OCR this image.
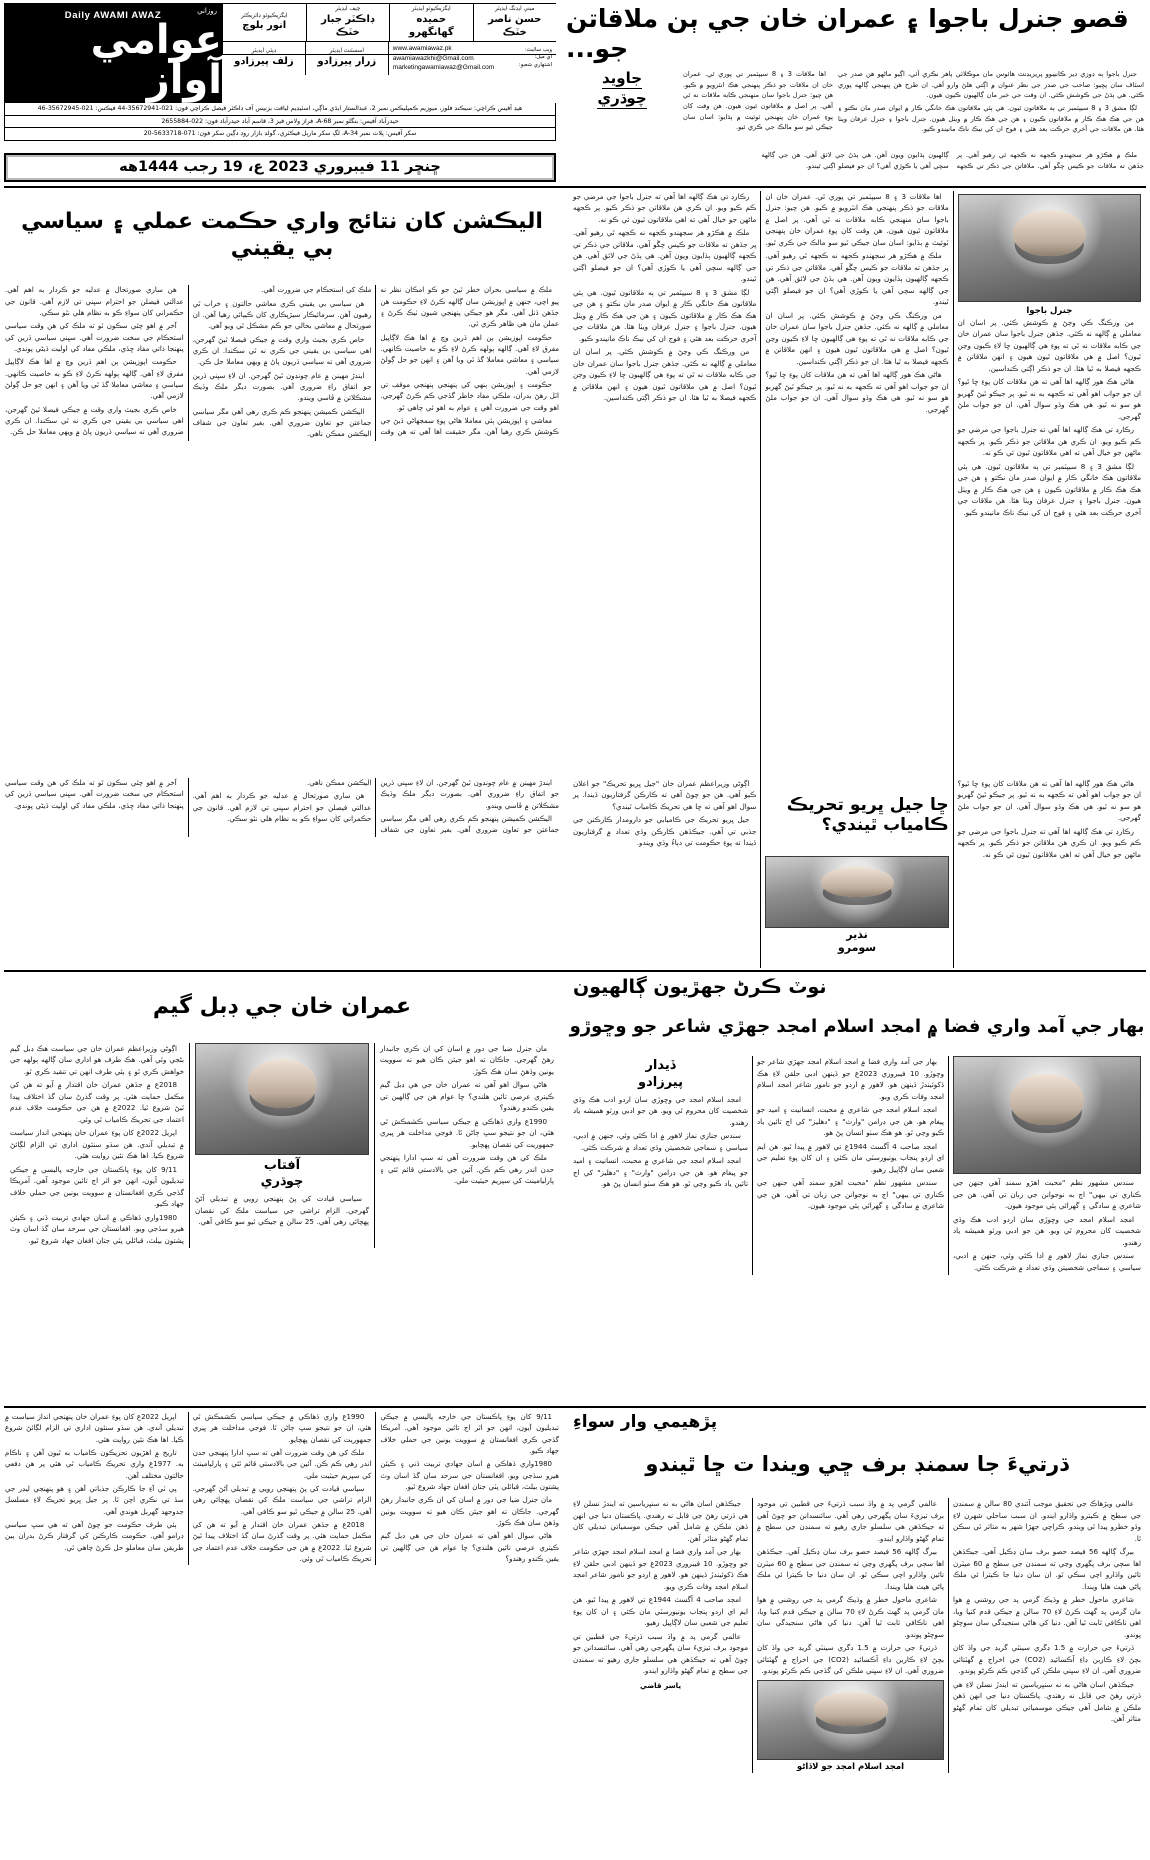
قصو جنرل باجوا ۽ عمران خان جي ٻن ملاقاتن جو...

جنرل باجوا ٻه ڊوزي ڊير ڪانيبوو پريزيڊنٽ هائوس مان موڪلائي ٻاهر نڪري آئي، اڳيو ماڻهو هن صدر جي اسٽاف سان پڇيو: صاحب جي صدر جي نظر عنوان ۾ اڳتي هلڻ وارو آهي. ان طرح هن پنهنجي ڳالهه پوري ڪئي. هي ٻڌڻ جي ڪوشش ڪئي. ان وقت جي خبر مان ڳالهيون ڪيون هيون.

لڳا مشق 3 ۽ 8 سيپٽمبر تي ٻه ملاقاتون ٿيون. هي ٻئي ملاقاتون هڪ خانگي ڪار ۾ ايوان صدر مان نڪتو ۽ هن جي هڪ هڪ ڪار ۾ ملاقاتون ڪيون ۽ هن جي هڪ ڪار ۾ ويٺل هيون. جنرل باجوا ۽ جنرل عرفان ويٺا هئا. هن ملاقات جي آخري حرڪت بعد هئي ۽ فوج ان کي نيڪ ناڪ مانيندو ڪيو.

اها ملاقات 3 ۽ 8 سيپٽمبر تي پوري ٿي. عمران خان ان ملاقات جو ذڪر پنهنجي هڪ انٽرويو ۾ ڪيو. هن چيو: جنرل باجوا سان منهنجي ڪابه ملاقات نه ٿي آهي. پر اصل ۾ ملاقاتون ٿيون هيون. هن وقت کان پوءِ عمران خان پنهنجي ٽوئيٽ ۾ ٻڌايو: اسان سان جيڪي ٿيو سو مالڪ جي ڪري ٿيو.

جاويد
چوڌري
ميني ايڊنگ ايڊيٽر
حسن ناصر خٽڪ
ايگزيڪيوٽو ايڊيٽر
حميده گهانگهرو
چيف ايڊيٽر
ڊاڪٽر جبار خٽڪ
ايگزيڪيوٽو ڊائريڪٽر
انور بلوچ
ويب سائيٽ:
اي ميل:
اشتهاري شعبو:
www.awamiawaz.pk
awamiawazkhi@Gmail.com
marketingawamiawaz@Gmail.com
اسسٽنٽ ايڊيٽر
زرار پيرزادو
ڊپٽي ايڊيٽر
زلف پيرزادو
Daily AWAMI AWAZ	روزاني
عوامي آواز
هيڊ آفيس ڪراچي: سيڪنڊ فلور، ميوزيم ڪمپليڪس نمبر 2، عبدالستار ايڌي ماڳي، اسٽيڊيم لياقت بزنيس آف ڊاڪٽر فيصل ڪراچي فون: 021-35672941-44 فيڪس: 021-35672945-46
حيدرآباد آفيس: بنگلو نمبر A-68، فراز ولاس فيز 3، قاسم آباد حيدرآباد فون: 022-2655884
سکر آفيس: پلاٽ نمبر A-34، لڳ سکر مارٻل فيڪٽري، گولڊ بازار روڊ دڳين سکر فون: 071-5633718-20

ملڪ ۾ هڪڙو هر سجهندو ڪجهه نه ڪجهه ٿي رهيو آهي. پر جڏهن ته ملاقات جو ڪيس چڱو آهي. ملاقاتن جي ذڪر تي ڪجهه ڳالهيون ٻڌايون ويون آهن. هي ٻڌڻ جي لائق آهي. هن جي ڳالهه سچي آهي يا ڪوڙي آهي؟ ان جو فيصلو اڳتي ٿيندو.

ڇنڇر 11 فيبروري 2023 ع، 19 رجب 1444هه
جنرل باجوا

من ورڪنگ ڪي وڃڻ ۾ ڪوشش ڪئي. پر اسان ان معاملي ۾ ڳالهه نه ڪئي. جڏهن جنرل باجوا سان عمران خان جي ڪابه ملاقات نه ٿي ته پوءِ هي ڳالهيون ڇا لاءِ ڪيون وڃن ٿيون؟ اصل ۾ هي ملاقاتون ٿيون هيون ۽ انهن ملاقاتن ۾ ڪجهه فيصلا به ٿيا هئا. ان جو ذڪر اڳتي ڪنداسين.

هاڻي هڪ هور ڳالهه اها آهي ته هن ملاقات کان پوءِ ڇا ٿيو؟ ان جو جواب اهو آهي ته ڪجهه به نه ٿيو. پر جيڪو ٿيڻ گهربو هو سو نه ٿيو. هي هڪ وڏو سوال آهي. ان جو جواب ملڻ گهرجي.

رڪارڊ تي هڪ ڳالهه اها آهي ته جنرل باجوا جي مرضي جو ڪم ڪيو ويو. ان ڪري هن ملاقاتن جو ذڪر ڪيو. پر ڪجهه ماڻهن جو خيال آهي ته اهي ملاقاتون ٿيون ئي ڪو نه.

لڳا مشق 3 ۽ 8 سيپٽمبر تي ٻه ملاقاتون ٿيون. هي ٻئي ملاقاتون هڪ خانگي ڪار ۾ ايوان صدر مان نڪتو ۽ هن جي هڪ هڪ ڪار ۾ ملاقاتون ڪيون ۽ هن جي هڪ ڪار ۾ ويٺل هيون. جنرل باجوا ۽ جنرل عرفان ويٺا هئا. هن ملاقات جي آخري حرڪت بعد هئي ۽ فوج ان کي نيڪ ناڪ مانيندو ڪيو.

اها ملاقات 3 ۽ 8 سيپٽمبر تي پوري ٿي. عمران خان ان ملاقات جو ذڪر پنهنجي هڪ انٽرويو ۾ ڪيو. هن چيو: جنرل باجوا سان منهنجي ڪابه ملاقات نه ٿي آهي. پر اصل ۾ ملاقاتون ٿيون هيون. هن وقت کان پوءِ عمران خان پنهنجي ٽوئيٽ ۾ ٻڌايو: اسان سان جيڪي ٿيو سو مالڪ جي ڪري ٿيو.

ملڪ ۾ هڪڙو هر سجهندو ڪجهه نه ڪجهه ٿي رهيو آهي. پر جڏهن ته ملاقات جو ڪيس چڱو آهي. ملاقاتن جي ذڪر تي ڪجهه ڳالهيون ٻڌايون ويون آهن. هي ٻڌڻ جي لائق آهي. هن جي ڳالهه سچي آهي يا ڪوڙي آهي؟ ان جو فيصلو اڳتي ٿيندو.

من ورڪنگ ڪي وڃڻ ۾ ڪوشش ڪئي. پر اسان ان معاملي ۾ ڳالهه نه ڪئي. جڏهن جنرل باجوا سان عمران خان جي ڪابه ملاقات نه ٿي ته پوءِ هي ڳالهيون ڇا لاءِ ڪيون وڃن ٿيون؟ اصل ۾ هي ملاقاتون ٿيون هيون ۽ انهن ملاقاتن ۾ ڪجهه فيصلا به ٿيا هئا. ان جو ذڪر اڳتي ڪنداسين.

هاڻي هڪ هور ڳالهه اها آهي ته هن ملاقات کان پوءِ ڇا ٿيو؟ ان جو جواب اهو آهي ته ڪجهه به نه ٿيو. پر جيڪو ٿيڻ گهربو هو سو نه ٿيو. هي هڪ وڏو سوال آهي. ان جو جواب ملڻ گهرجي.

رڪارڊ تي هڪ ڳالهه اها آهي ته جنرل باجوا جي مرضي جو ڪم ڪيو ويو. ان ڪري هن ملاقاتن جو ذڪر ڪيو. پر ڪجهه ماڻهن جو خيال آهي ته اهي ملاقاتون ٿيون ئي ڪو نه.

ملڪ ۾ هڪڙو هر سجهندو ڪجهه نه ڪجهه ٿي رهيو آهي. پر جڏهن ته ملاقات جو ڪيس چڱو آهي. ملاقاتن جي ذڪر تي ڪجهه ڳالهيون ٻڌايون ويون آهن. هي ٻڌڻ جي لائق آهي. هن جي ڳالهه سچي آهي يا ڪوڙي آهي؟ ان جو فيصلو اڳتي ٿيندو.

لڳا مشق 3 ۽ 8 سيپٽمبر تي ٻه ملاقاتون ٿيون. هي ٻئي ملاقاتون هڪ خانگي ڪار ۾ ايوان صدر مان نڪتو ۽ هن جي هڪ هڪ ڪار ۾ ملاقاتون ڪيون ۽ هن جي هڪ ڪار ۾ ويٺل هيون. جنرل باجوا ۽ جنرل عرفان ويٺا هئا. هن ملاقات جي آخري حرڪت بعد هئي ۽ فوج ان کي نيڪ ناڪ مانيندو ڪيو.

من ورڪنگ ڪي وڃڻ ۾ ڪوشش ڪئي. پر اسان ان معاملي ۾ ڳالهه نه ڪئي. جڏهن جنرل باجوا سان عمران خان جي ڪابه ملاقات نه ٿي ته پوءِ هي ڳالهيون ڇا لاءِ ڪيون وڃن ٿيون؟ اصل ۾ هي ملاقاتون ٿيون هيون ۽ انهن ملاقاتن ۾ ڪجهه فيصلا به ٿيا هئا. ان جو ذڪر اڳتي ڪنداسين.

اليڪشن کان نتائج واري حڪمت عملي ۽ سياسي بي يقيني

ملڪ ۾ سياسي بحران خطر ٿيڻ جو ڪو امڪان نظر نه پيو اچي، جنهن ۾ اپوزيشن سان ڳالهه ڪرڻ لاءِ حڪومت هن جڏهن ڏنل آهي. مگر هو جيڪي پنهنجي شيون ٺيڪ ڪرڻ ۽ عملن مان هي ظاهر ڪري ٿي.

حڪومت اپوزيشن ٻن اهم ڌرين وچ ۾ اها هڪ لاڳاپيل مفرق لاءِ آهي. ڳالهه ٻولهه ڪرڻ لاءِ ڪو به خاصيت ڪانهي. سياسي ۽ معاشي معاملا گڏ ٿي ويا آهن ۽ انهن جو حل ڳولڻ لازمي آهي.

حڪومت ۽ اپوزيشن ٻنهي کي پنهنجي پنهنجي موقف تي اٽل رهڻ بدران، ملڪي مفاد خاطر گڏجي ڪم ڪرڻ گهرجي. اهو وقت جي ضرورت آهي ۽ عوام به اهو ئي چاهي ٿو.

معاشي ۽ اپوزيشن ٻئي معاملا هاڻي پوءِ سمجهاڻي ڏيڻ جي ڪوشش ڪري رهيا آهن. مگر حقيقت اها آهي ته هن وقت ملڪ کي استحڪام جي ضرورت آهي.

هن سياسي بي يقيني ڪري معاشي حالتون ۽ خراب ٿي رهيون آهن. سرمائيڪار سيڙپڪاري کان ڪيٻائي رهيا آهن. ان صورتحال ۾ معاشي بحالي جو ڪم مشڪل ٿي ويو آهي.

خاص ڪري بجيٽ واري وقت ۾ جيڪي فيصلا ٿيڻ گهرجن، اهي سياسي بي يقيني جي ڪري نه ٿي سڪندا. ان ڪري ضروري آهي ته سياسي ڌريون پاڻ ۾ ويهي معاملا حل ڪن.

ايندڙ مهينن ۾ عام چونڊون ٿيڻ گهرجن. ان لاءِ سڀني ڌرين جو اتفاق راءِ ضروري آهي. بصورت ديگر ملڪ وڌيڪ مشڪلاتن ۾ ڦاسي ويندو.

اليڪشن ڪميشن پنهنجو ڪم ڪري رهي آهي مگر سياسي جماعتن جو تعاون ضروري آهي. بغير تعاون جي شفاف اليڪشن ممڪن ناهي.

هن ساري صورتحال ۾ عدليه جو ڪردار به اهم آهي. عدالتي فيصلن جو احترام سڀني تي لازم آهي. قانون جي حڪمراني کان سواءِ ڪو به نظام هلي نٿو سڪي.

آخر ۾ اهو چئي سڪون ٿو ته ملڪ کي هن وقت سياسي استحڪام جي سخت ضرورت آهي. سڀني سياسي ڌرين کي پنهنجا ذاتي مفاد ڇڏي، ملڪي مفاد کي اوليت ڏيڻي پوندي.

حڪومت اپوزيشن ٻن اهم ڌرين وچ ۾ اها هڪ لاڳاپيل مفرق لاءِ آهي. ڳالهه ٻولهه ڪرڻ لاءِ ڪو به خاصيت ڪانهي. سياسي ۽ معاشي معاملا گڏ ٿي ويا آهن ۽ انهن جو حل ڳولڻ لازمي آهي.

خاص ڪري بجيٽ واري وقت ۾ جيڪي فيصلا ٿيڻ گهرجن، اهي سياسي بي يقيني جي ڪري نه ٿي سڪندا. ان ڪري ضروري آهي ته سياسي ڌريون پاڻ ۾ ويهي معاملا حل ڪن.

هاڻي هڪ هور ڳالهه اها آهي ته هن ملاقات کان پوءِ ڇا ٿيو؟ ان جو جواب اهو آهي ته ڪجهه به نه ٿيو. پر جيڪو ٿيڻ گهربو هو سو نه ٿيو. هي هڪ وڏو سوال آهي. ان جو جواب ملڻ گهرجي.

رڪارڊ تي هڪ ڳالهه اها آهي ته جنرل باجوا جي مرضي جو ڪم ڪيو ويو. ان ڪري هن ملاقاتن جو ذڪر ڪيو. پر ڪجهه ماڻهن جو خيال آهي ته اهي ملاقاتون ٿيون ئي ڪو نه.

ڇا جيل ڀريو تحريڪ ڪامياب ٿيندي؟
نذير
سومرو

اڳوڻي وزيراعظم عمران خان "جيل ڀريو تحريڪ" جو اعلان ڪيو آهي. هن جو چوڻ آهي ته ڪارڪن گرفتاريون ڏيندا. پر سوال اهو آهي ته ڇا هي تحريڪ ڪامياب ٿيندي؟

جيل ڀريو تحريڪ جي ڪاميابي جو دارومدار ڪارڪنن جي جذبي تي آهي. جيڪڏهن ڪارڪن وڏي تعداد ۾ گرفتاريون ڏيندا ته پوءِ حڪومت تي دٻاءُ وڌي ويندو.

ايندڙ مهينن ۾ عام چونڊون ٿيڻ گهرجن. ان لاءِ سڀني ڌرين جو اتفاق راءِ ضروري آهي. بصورت ديگر ملڪ وڌيڪ مشڪلاتن ۾ ڦاسي ويندو.

اليڪشن ڪميشن پنهنجو ڪم ڪري رهي آهي مگر سياسي جماعتن جو تعاون ضروري آهي. بغير تعاون جي شفاف اليڪشن ممڪن ناهي.

هن ساري صورتحال ۾ عدليه جو ڪردار به اهم آهي. عدالتي فيصلن جو احترام سڀني تي لازم آهي. قانون جي حڪمراني کان سواءِ ڪو به نظام هلي نٿو سڪي.

آخر ۾ اهو چئي سڪون ٿو ته ملڪ کي هن وقت سياسي استحڪام جي سخت ضرورت آهي. سڀني سياسي ڌرين کي پنهنجا ذاتي مفاد ڇڏي، ملڪي مفاد کي اوليت ڏيڻي پوندي.

نوٽ ڪرڻ جهڙيون ڳالهيون
بهار جي آمد واري فضا ۾ امجد اسلام امجد جهڙي شاعر جو وڇوڙو

سندس مشهور نظم "محبت اهڙو سمنڊ آهي جنهن جي ڪناري تي بيهي" اڄ به نوجوانن جي زبان تي آهي. هن جي شاعري ۾ سادگي ۽ گهرائي ٻئي موجود هيون.

امجد اسلام امجد جي وڇوڙي سان اردو ادب هڪ وڏي شخصيت کان محروم ٿي ويو. هن جو ادبي ورثو هميشه ياد رهندو.

سندس جنازي نماز لاهور ۾ ادا ڪئي وئي، جنهن ۾ ادبي، سياسي ۽ سماجي شخصيتن وڏي تعداد ۾ شرڪت ڪئي.

بهار جي آمد واري فضا ۾ امجد اسلام امجد جهڙي شاعر جو وڇوڙو. 10 فيبروري 2023ع جو ڏينهن ادبي حلقن لاءِ هڪ ڏکوئيندڙ ڏينهن هو. لاهور ۾ اردو جو نامور شاعر امجد اسلام امجد وفات ڪري ويو.

امجد اسلام امجد جي شاعري ۾ محبت، انسانيت ۽ اميد جو پيغام هو. هن جي ڊرامن "وارث" ۽ "دهليز" کي اڄ تائين ياد ڪيو وڃي ٿو. هو هڪ سٺو انسان پڻ هو.

امجد صاحب 4 آگسٽ 1944ع تي لاهور ۾ پيدا ٿيو. هن ايم اي اردو پنجاب يونيورسٽي مان ڪئي ۽ ان کان پوءِ تعليم جي شعبي سان لاڳاپيل رهيو.

سندس مشهور نظم "محبت اهڙو سمنڊ آهي جنهن جي ڪناري تي بيهي" اڄ به نوجوانن جي زبان تي آهي. هن جي شاعري ۾ سادگي ۽ گهرائي ٻئي موجود هيون.

ڏيدار
پيرزادو

امجد اسلام امجد جي وڇوڙي سان اردو ادب هڪ وڏي شخصيت کان محروم ٿي ويو. هن جو ادبي ورثو هميشه ياد رهندو.

سندس جنازي نماز لاهور ۾ ادا ڪئي وئي، جنهن ۾ ادبي، سياسي ۽ سماجي شخصيتن وڏي تعداد ۾ شرڪت ڪئي.

امجد اسلام امجد جي شاعري ۾ محبت، انسانيت ۽ اميد جو پيغام هو. هن جي ڊرامن "وارث" ۽ "دهليز" کي اڄ تائين ياد ڪيو وڃي ٿو. هو هڪ سٺو انسان پڻ هو.

عمران خان جي ڊبل گيم

مان جنرل ضيا جي دور ۾ اسان کي ان ڪري جانبدار رهڻ گهرجي. جاڪان ته اهو جيئن ڪان هيو ته سوويت يونين وڏهڻ سان هڪ ڪوڙ.

هاڻي سوال اهو آهي ته عمران خان جي هي ڊبل گيم ڪيتري عرصي تائين هلندي؟ ڇا عوام هن جي ڳالهين تي يقين ڪندو رهندو؟

1990ع واري ڏهاڪي ۾ جيڪي سياسي ڪشمڪش ٿي هئي، ان جو نتيجو سڀ ڄاڻن ٿا. فوجي مداخلت هر ڀيري جمهوريت کي نقصان پهچايو.

ملڪ کي هن وقت ضرورت آهي ته سڀ ادارا پنهنجي حدن اندر رهي ڪم ڪن. آئين جي بالادستي قائم ٿئي ۽ پارليامينٽ کي سپريم حيثيت ملي.

آفتاب
چوڌري

سياسي قيادت کي پڻ پنهنجي رويي ۾ تبديلي آڻڻ گهرجي. الزام تراشي جي سياست ملڪ کي نقصان پهچائي رهي آهي. 25 سالن ۾ جيڪي ٿيو سو ڪافي آهي.

اڳوڻي وزيراعظم عمران خان جي سياست هڪ ڊبل گيم بڻجي وئي آهي. هڪ طرف هو اداري سان ڳالهه ٻولهه جي خواهش ڪري ٿو ۽ ٻئي طرف انهن تي تنقيد ڪري ٿو.

2018ع ۾ جڏهن عمران خان اقتدار ۾ آيو ته هن کي مڪمل حمايت هئي. پر وقت گذرڻ سان گڏ اختلاف پيدا ٿيڻ شروع ٿيا. 2022ع ۾ هن جي حڪومت خلاف عدم اعتماد جي تحريڪ ڪامياب ٿي وئي.

اپريل 2022ع کان پوءِ عمران خان پنهنجي انداز سياست ۾ تبديلي آندي. هن سڌو سنئون اداري تي الزام لڳائڻ شروع ڪيا. اها هڪ نئين روايت هئي.

9/11 کان پوءِ پاڪستان جي خارجه پاليسي ۾ جيڪي تبديليون آيون، انهن جو اثر اڄ تائين موجود آهي. آمريڪا گڏجي ڪري افغانستان ۾ سوويت يونين جي حملي خلاف جهاد ڪيو.

1980واري ڏهاڪي ۾ اسان جهادي تربيت ڏني ۽ ڪيئن هيرو سڏجي ويو. افغانستان جي سرحد سان گڏ اسان وٽ پشتون بيلٽ، قبائلي پٽي جتان افغان جهاد شروع ٿيو.

پڙهيمي وار سواءِ
ڌرتيءَ جا سمنڊ برف ڇي ويندا ت ڇا ٿيندو

عالمي ويڙهاڪ جي تحقيق موجب آئندي 80 سالن ۾ سمنڊن جي سطح ۾ ڪيترو واڌارو ايندو. ان سبب ساحلي شهرن لاءِ وڏو خطرو پيدا ٿي ويندو. ڪراچي جهڙا شهر به متاثر ٿي سڪن ٿا.

بيرگ ڳالهه 56 فيصد حصو برف سان ڍڪيل آهي. جيڪڏهن اها سڄي برف پگهري وڃي ته سمنڊن جي سطح ۾ 60 ميٽرن تائين واڌارو اچي سڪي ٿو. ان سان دنيا جا ڪيترا ئي ملڪ پاڻي هيٺ هليا ويندا.

شاعري ماحول خطر ۾ وڌيڪ گرمي پد جي روشني ۾ هوا مان گرمي پد گهٽ ڪرڻ لاءِ 70 سالن ۾ جيڪي قدم کنيا ويا، اهي ناڪافي ثابت ٿيا آهن. دنيا کي هاڻي سنجيدگي سان سوچڻو پوندو.

ڌرتيءَ جي حرارت ۾ 1.5 ڊگري سينٽي گريڊ جي واڌ کان بچڻ لاءِ ڪاربن ڊاءِ آڪسائيڊ (CO2) جي اخراج ۾ گهٽتائي ضروري آهي. ان لاءِ سڀني ملڪن کي گڏجي ڪم ڪرڻو پوندو.

جيڪڏهن اسان هاڻي به نه سنڀرياسين ته ايندڙ نسلن لاءِ هي ڌرتي رهڻ جي قابل نه رهندي. پاڪستان دنيا جي انهن ڏهن ملڪن ۾ شامل آهي جيڪي موسمياتي تبديلي کان تمام گهڻو متاثر آهن.

عالمي گرمي پد ۾ واڌ سبب ڌرتيءَ جي قطبين تي موجود برف تيزيءَ سان پگهرجي رهي آهي. سائنسدانن جو چوڻ آهي ته جيڪڏهن هي سلسلو جاري رهيو ته سمنڊن جي سطح ۾ تمام گهڻو واڌارو ايندو.

بيرگ ڳالهه 56 فيصد حصو برف سان ڍڪيل آهي. جيڪڏهن اها سڄي برف پگهري وڃي ته سمنڊن جي سطح ۾ 60 ميٽرن تائين واڌارو اچي سڪي ٿو. ان سان دنيا جا ڪيترا ئي ملڪ پاڻي هيٺ هليا ويندا.

شاعري ماحول خطر ۾ وڌيڪ گرمي پد جي روشني ۾ هوا مان گرمي پد گهٽ ڪرڻ لاءِ 70 سالن ۾ جيڪي قدم کنيا ويا، اهي ناڪافي ثابت ٿيا آهن. دنيا کي هاڻي سنجيدگي سان سوچڻو پوندو.

ڌرتيءَ جي حرارت ۾ 1.5 ڊگري سينٽي گريڊ جي واڌ کان بچڻ لاءِ ڪاربن ڊاءِ آڪسائيڊ (CO2) جي اخراج ۾ گهٽتائي ضروري آهي. ان لاءِ سڀني ملڪن کي گڏجي ڪم ڪرڻو پوندو.

امجد اسلام امجد جو لاڏاڻو

جيڪڏهن اسان هاڻي به نه سنڀرياسين ته ايندڙ نسلن لاءِ هي ڌرتي رهڻ جي قابل نه رهندي. پاڪستان دنيا جي انهن ڏهن ملڪن ۾ شامل آهي جيڪي موسمياتي تبديلي کان تمام گهڻو متاثر آهن.

بهار جي آمد واري فضا ۾ امجد اسلام امجد جهڙي شاعر جو وڇوڙو. 10 فيبروري 2023ع جو ڏينهن ادبي حلقن لاءِ هڪ ڏکوئيندڙ ڏينهن هو. لاهور ۾ اردو جو نامور شاعر امجد اسلام امجد وفات ڪري ويو.

امجد صاحب 4 آگسٽ 1944ع تي لاهور ۾ پيدا ٿيو. هن ايم اي اردو پنجاب يونيورسٽي مان ڪئي ۽ ان کان پوءِ تعليم جي شعبي سان لاڳاپيل رهيو.

عالمي گرمي پد ۾ واڌ سبب ڌرتيءَ جي قطبين تي موجود برف تيزيءَ سان پگهرجي رهي آهي. سائنسدانن جو چوڻ آهي ته جيڪڏهن هي سلسلو جاري رهيو ته سمنڊن جي سطح ۾ تمام گهڻو واڌارو ايندو.

ياسر قاضي

9/11 کان پوءِ پاڪستان جي خارجه پاليسي ۾ جيڪي تبديليون آيون، انهن جو اثر اڄ تائين موجود آهي. آمريڪا گڏجي ڪري افغانستان ۾ سوويت يونين جي حملي خلاف جهاد ڪيو.

1980واري ڏهاڪي ۾ اسان جهادي تربيت ڏني ۽ ڪيئن هيرو سڏجي ويو. افغانستان جي سرحد سان گڏ اسان وٽ پشتون بيلٽ، قبائلي پٽي جتان افغان جهاد شروع ٿيو.

مان جنرل ضيا جي دور ۾ اسان کي ان ڪري جانبدار رهڻ گهرجي. جاڪان ته اهو جيئن ڪان هيو ته سوويت يونين وڏهڻ سان هڪ ڪوڙ.

هاڻي سوال اهو آهي ته عمران خان جي هي ڊبل گيم ڪيتري عرصي تائين هلندي؟ ڇا عوام هن جي ڳالهين تي يقين ڪندو رهندو؟

1990ع واري ڏهاڪي ۾ جيڪي سياسي ڪشمڪش ٿي هئي، ان جو نتيجو سڀ ڄاڻن ٿا. فوجي مداخلت هر ڀيري جمهوريت کي نقصان پهچايو.

ملڪ کي هن وقت ضرورت آهي ته سڀ ادارا پنهنجي حدن اندر رهي ڪم ڪن. آئين جي بالادستي قائم ٿئي ۽ پارليامينٽ کي سپريم حيثيت ملي.

سياسي قيادت کي پڻ پنهنجي رويي ۾ تبديلي آڻڻ گهرجي. الزام تراشي جي سياست ملڪ کي نقصان پهچائي رهي آهي. 25 سالن ۾ جيڪي ٿيو سو ڪافي آهي.

2018ع ۾ جڏهن عمران خان اقتدار ۾ آيو ته هن کي مڪمل حمايت هئي. پر وقت گذرڻ سان گڏ اختلاف پيدا ٿيڻ شروع ٿيا. 2022ع ۾ هن جي حڪومت خلاف عدم اعتماد جي تحريڪ ڪامياب ٿي وئي.

اپريل 2022ع کان پوءِ عمران خان پنهنجي انداز سياست ۾ تبديلي آندي. هن سڌو سنئون اداري تي الزام لڳائڻ شروع ڪيا. اها هڪ نئين روايت هئي.

تاريخ ۾ اهڙيون تحريڪون ڪامياب به ٿيون آهن ۽ ناڪام به. 1977ع واري تحريڪ ڪامياب ٿي هئي پر هن دفعي حالتون مختلف آهن.

پي ٽي آءِ جا ڪارڪن جذباتي آهن ۽ هو پنهنجي ليڊر جي سڏ تي نڪري اچن ٿا. پر جيل ڀريو تحريڪ لاءِ مسلسل جدوجهد گهربل هوندي آهي.

ٻئي طرف حڪومت جو چوڻ آهي ته هي سڀ سياسي ڊرامو آهي. حڪومت ڪارڪنن کي گرفتار ڪرڻ بدران ٻين طريقن سان معاملو حل ڪرڻ چاهي ٿي.
